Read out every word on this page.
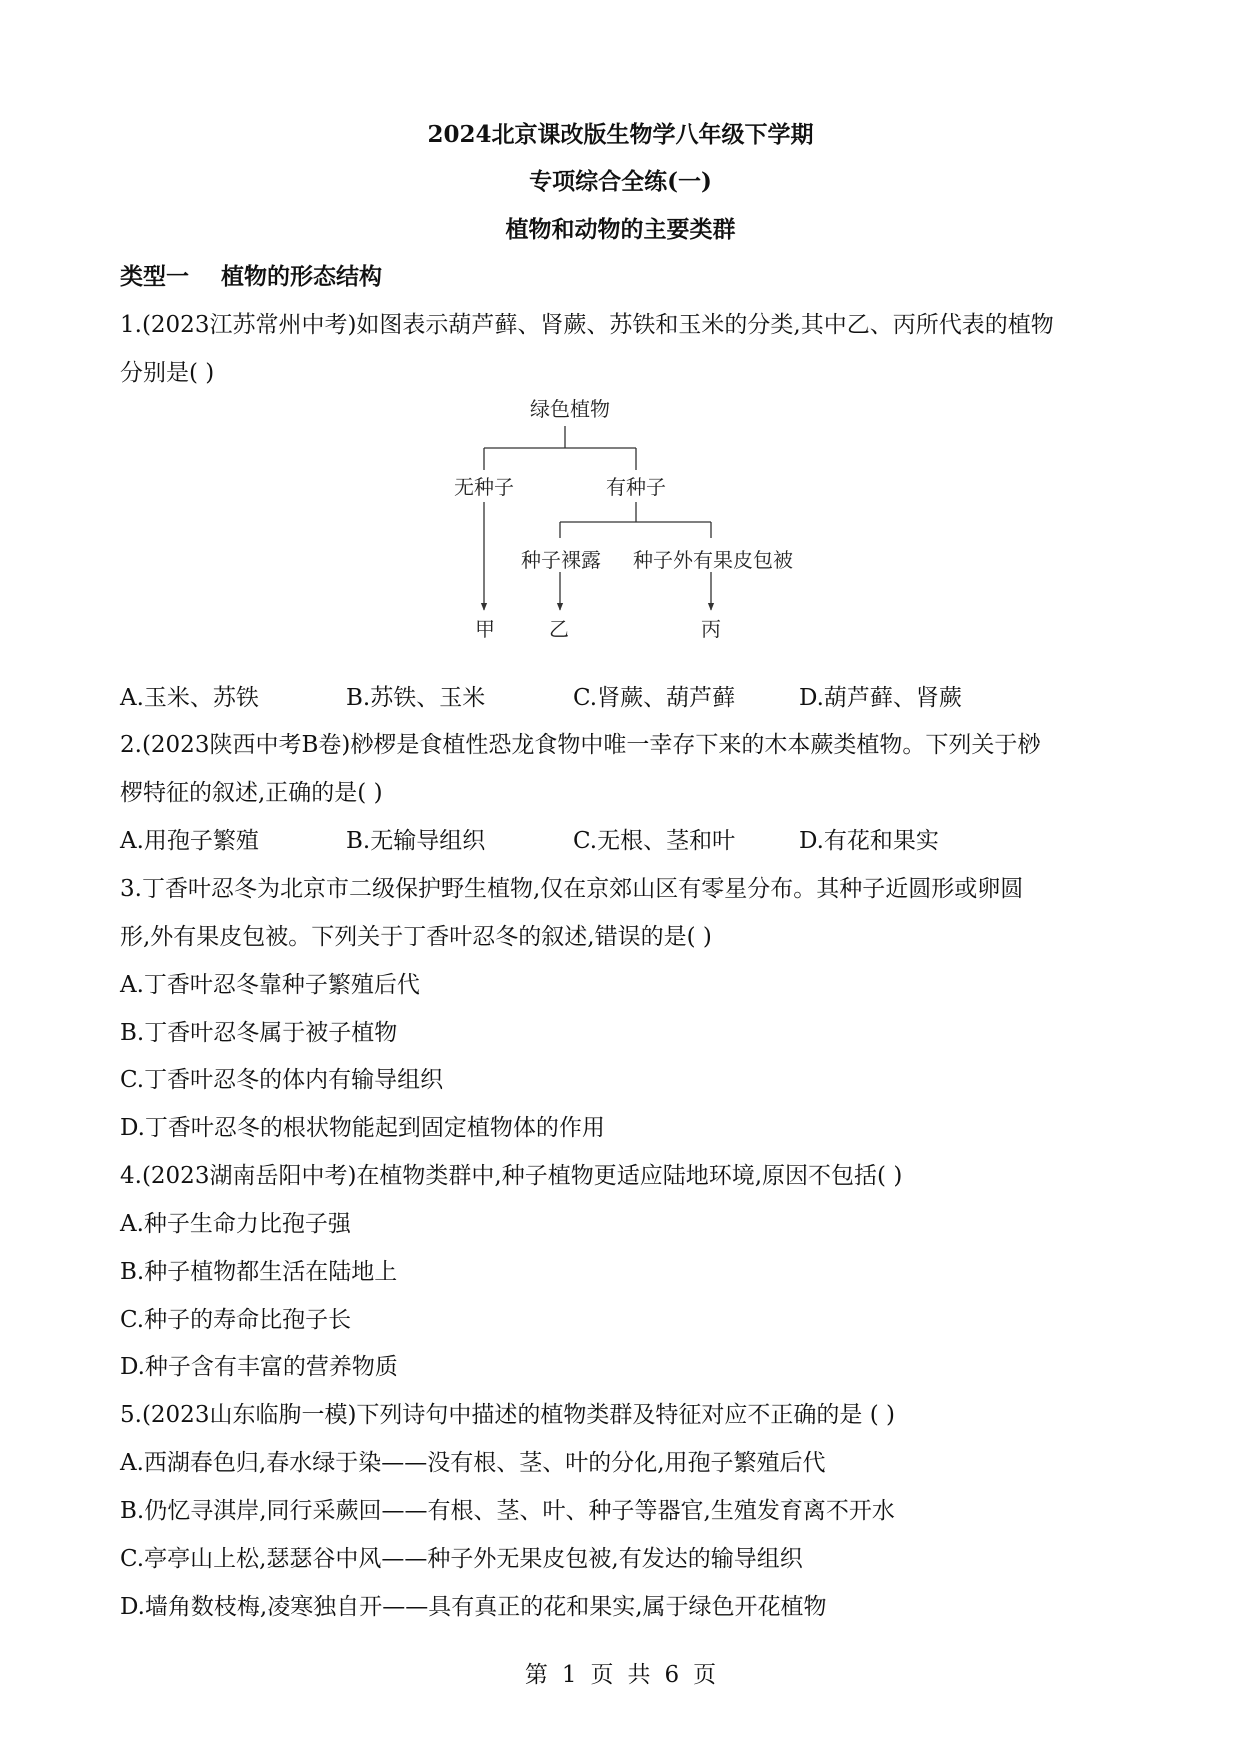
2024北京课改版生物学八年级下学期
专项综合全练(一)
植物和动物的主要类群
类型一    植物的形态结构
1.(2023江苏常州中考)如图表示葫芦藓、肾蕨、苏铁和玉米的分类,其中乙、丙所代表的植物
分别是( )
绿色植物
无种子	有种子
种子裸露 种子外有果皮包被
甲	乙	丙
A.玉米、苏铁	B.苏铁、玉米	C.肾蕨、葫芦藓	D.葫芦藓、肾蕨
2.(2023陕西中考B卷)桫椤是食植性恐龙食物中唯一幸存下来的木本蕨类植物。下列关于桫
椤特征的叙述,正确的是( )
A.用孢子繁殖	B.无输导组织	C.无根、茎和叶	D.有花和果实
3.丁香叶忍冬为北京市二级保护野生植物,仅在京郊山区有零星分布。其种子近圆形或卵圆
形,外有果皮包被。下列关于丁香叶忍冬的叙述,错误的是( )
A.丁香叶忍冬靠种子繁殖后代
B.丁香叶忍冬属于被子植物
C.丁香叶忍冬的体内有输导组织
D.丁香叶忍冬的根状物能起到固定植物体的作用
4.(2023湖南岳阳中考)在植物类群中,种子植物更适应陆地环境,原因不包括( )
A.种子生命力比孢子强
B.种子植物都生活在陆地上
C.种子的寿命比孢子长
D.种子含有丰富的营养物质
5.(2023山东临朐一模)下列诗句中描述的植物类群及特征对应不正确的是 ( )
A.西湖春色归,春水绿于染——没有根、茎、叶的分化,用孢子繁殖后代
B.仍忆寻淇岸,同行采蕨回——有根、茎、叶、种子等器官,生殖发育离不开水
C.亭亭山上松,瑟瑟谷中风——种子外无果皮包被,有发达的输导组织
D.墙角数枝梅,凌寒独自开——具有真正的花和果实,属于绿色开花植物
第 1 页 共 6 页
